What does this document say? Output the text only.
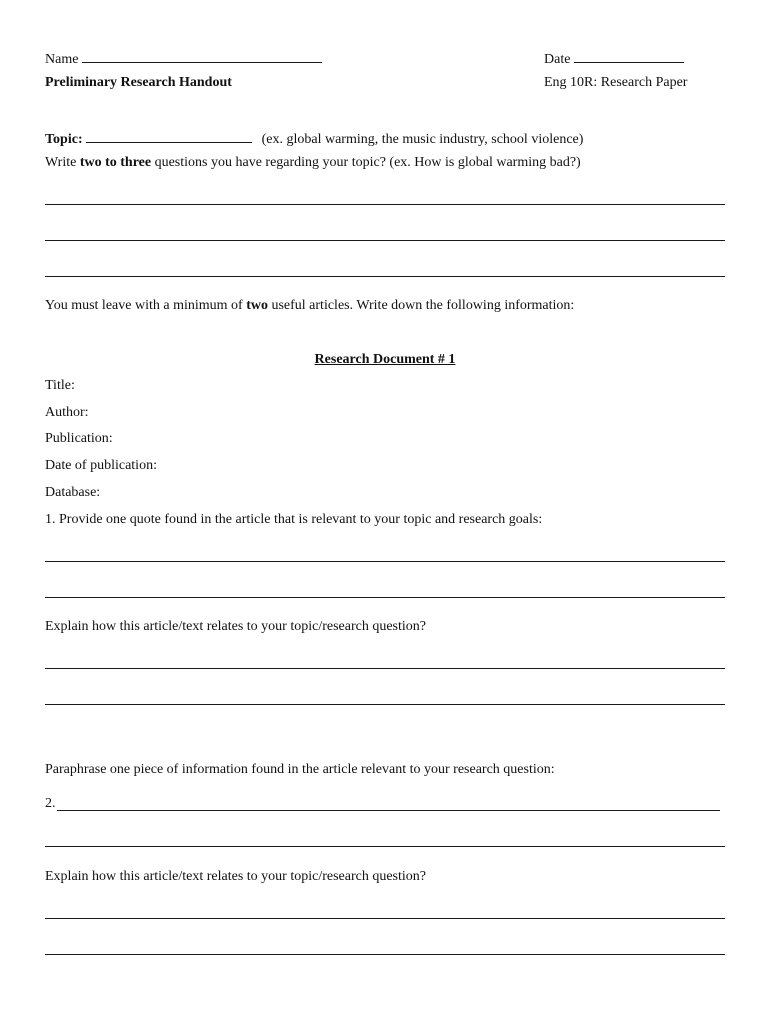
Name	Date
Preliminary Research Handout	Eng 10R: Research Paper
Topic:	(ex. global warming, the music industry, school violence)
Write two to three questions you have regarding your topic? (ex. How is global warming bad?)
You must leave with a minimum of two useful articles. Write down the following information:
Research Document # 1
Title:
Author:
Publication:
Date of publication:
Database:
1. Provide one quote found in the article that is relevant to your topic and research goals:
Explain how this article/text relates to your topic/research question?
Paraphrase one piece of information found in the article relevant to your research question:
2.
Explain how this article/text relates to your topic/research question?
